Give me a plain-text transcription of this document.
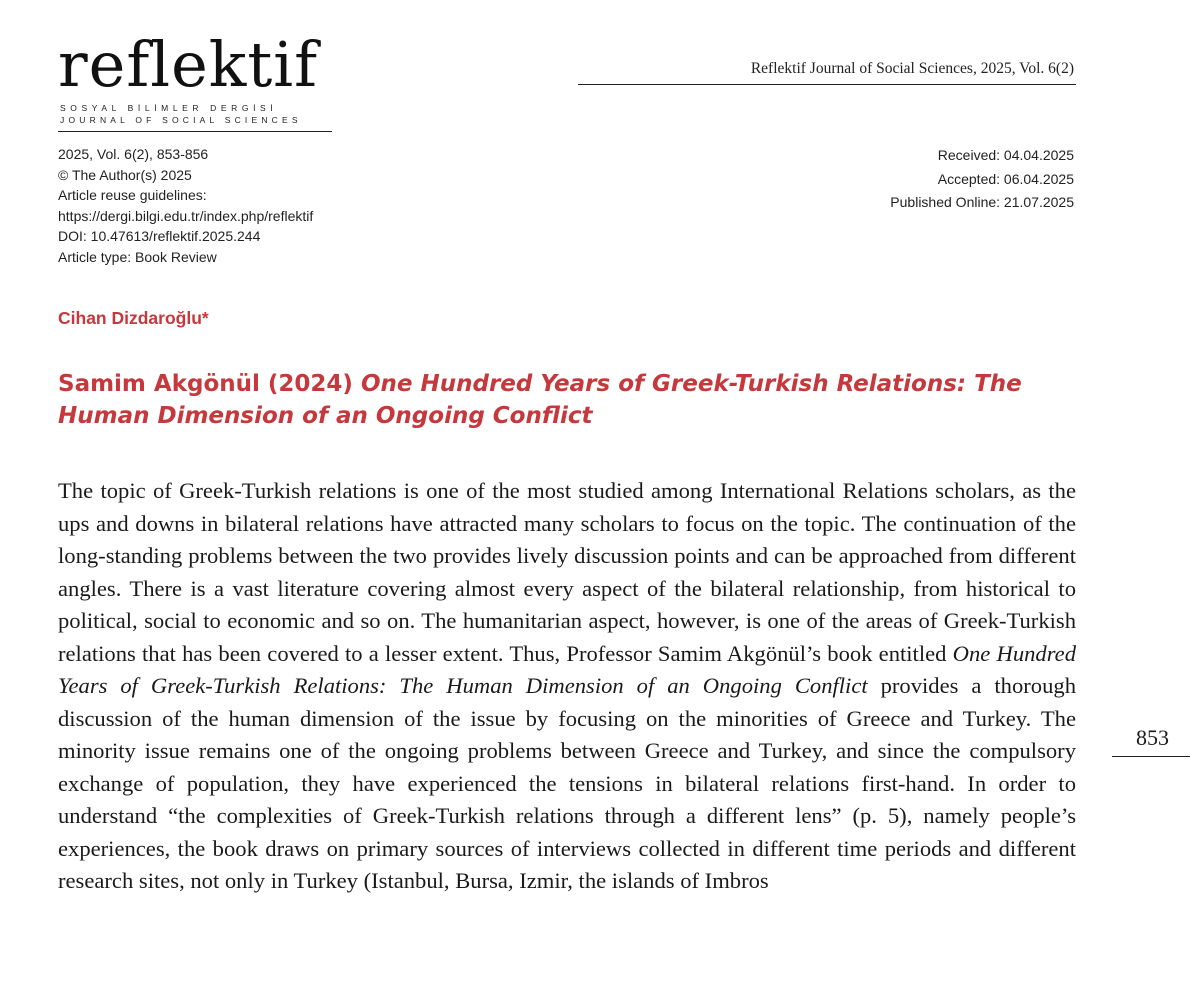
reflektif
SOSYAL BİLİMLER DERGİSİ
JOURNAL OF SOCIAL SCIENCES
Reflektif Journal of Social Sciences, 2025, Vol. 6(2)
2025, Vol. 6(2), 853-856
© The Author(s) 2025
Article reuse guidelines:
https://dergi.bilgi.edu.tr/index.php/reflektif
DOI: 10.47613/reflektif.2025.244
Article type: Book Review
Received: 04.04.2025
Accepted: 06.04.2025
Published Online: 21.07.2025
Cihan Dizdaroğlu*
Samim Akgönül (2024) One Hundred Years of Greek-Turkish Relations: The Human Dimension of an Ongoing Conflict

The topic of Greek-Turkish relations is one of the most studied among International Relations scholars, as the ups and downs in bilateral relations have attracted many scholars to focus on the topic. The continuation of the long-standing problems between the two provides lively discussion points and can be approached from different angles. There is a vast literature covering almost every aspect of the bilateral relationship, from historical to political, social to economic and so on. The humanitarian aspect, however, is one of the areas of Greek-Turkish relations that has been covered to a lesser extent. Thus, Professor Samim Akgönül’s book entitled One Hundred Years of Greek-Turkish Relations: The Human Dimension of an Ongoing Conflict provides a thorough discussion of the human dimension of the issue by focusing on the minorities of Greece and Turkey. The minority issue remains one of the ongoing problems between Greece and Turkey, and since the compulsory exchange of population, they have experienced the tensions in bilateral relations first-hand. In order to understand “the complexities of Greek-Turkish relations through a different lens” (p. 5), namely people’s experiences, the book draws on primary sources of interviews collected in different time periods and different research sites, not only in Turkey (Istanbul, Bursa, Izmir, the islands of Imbros

853
